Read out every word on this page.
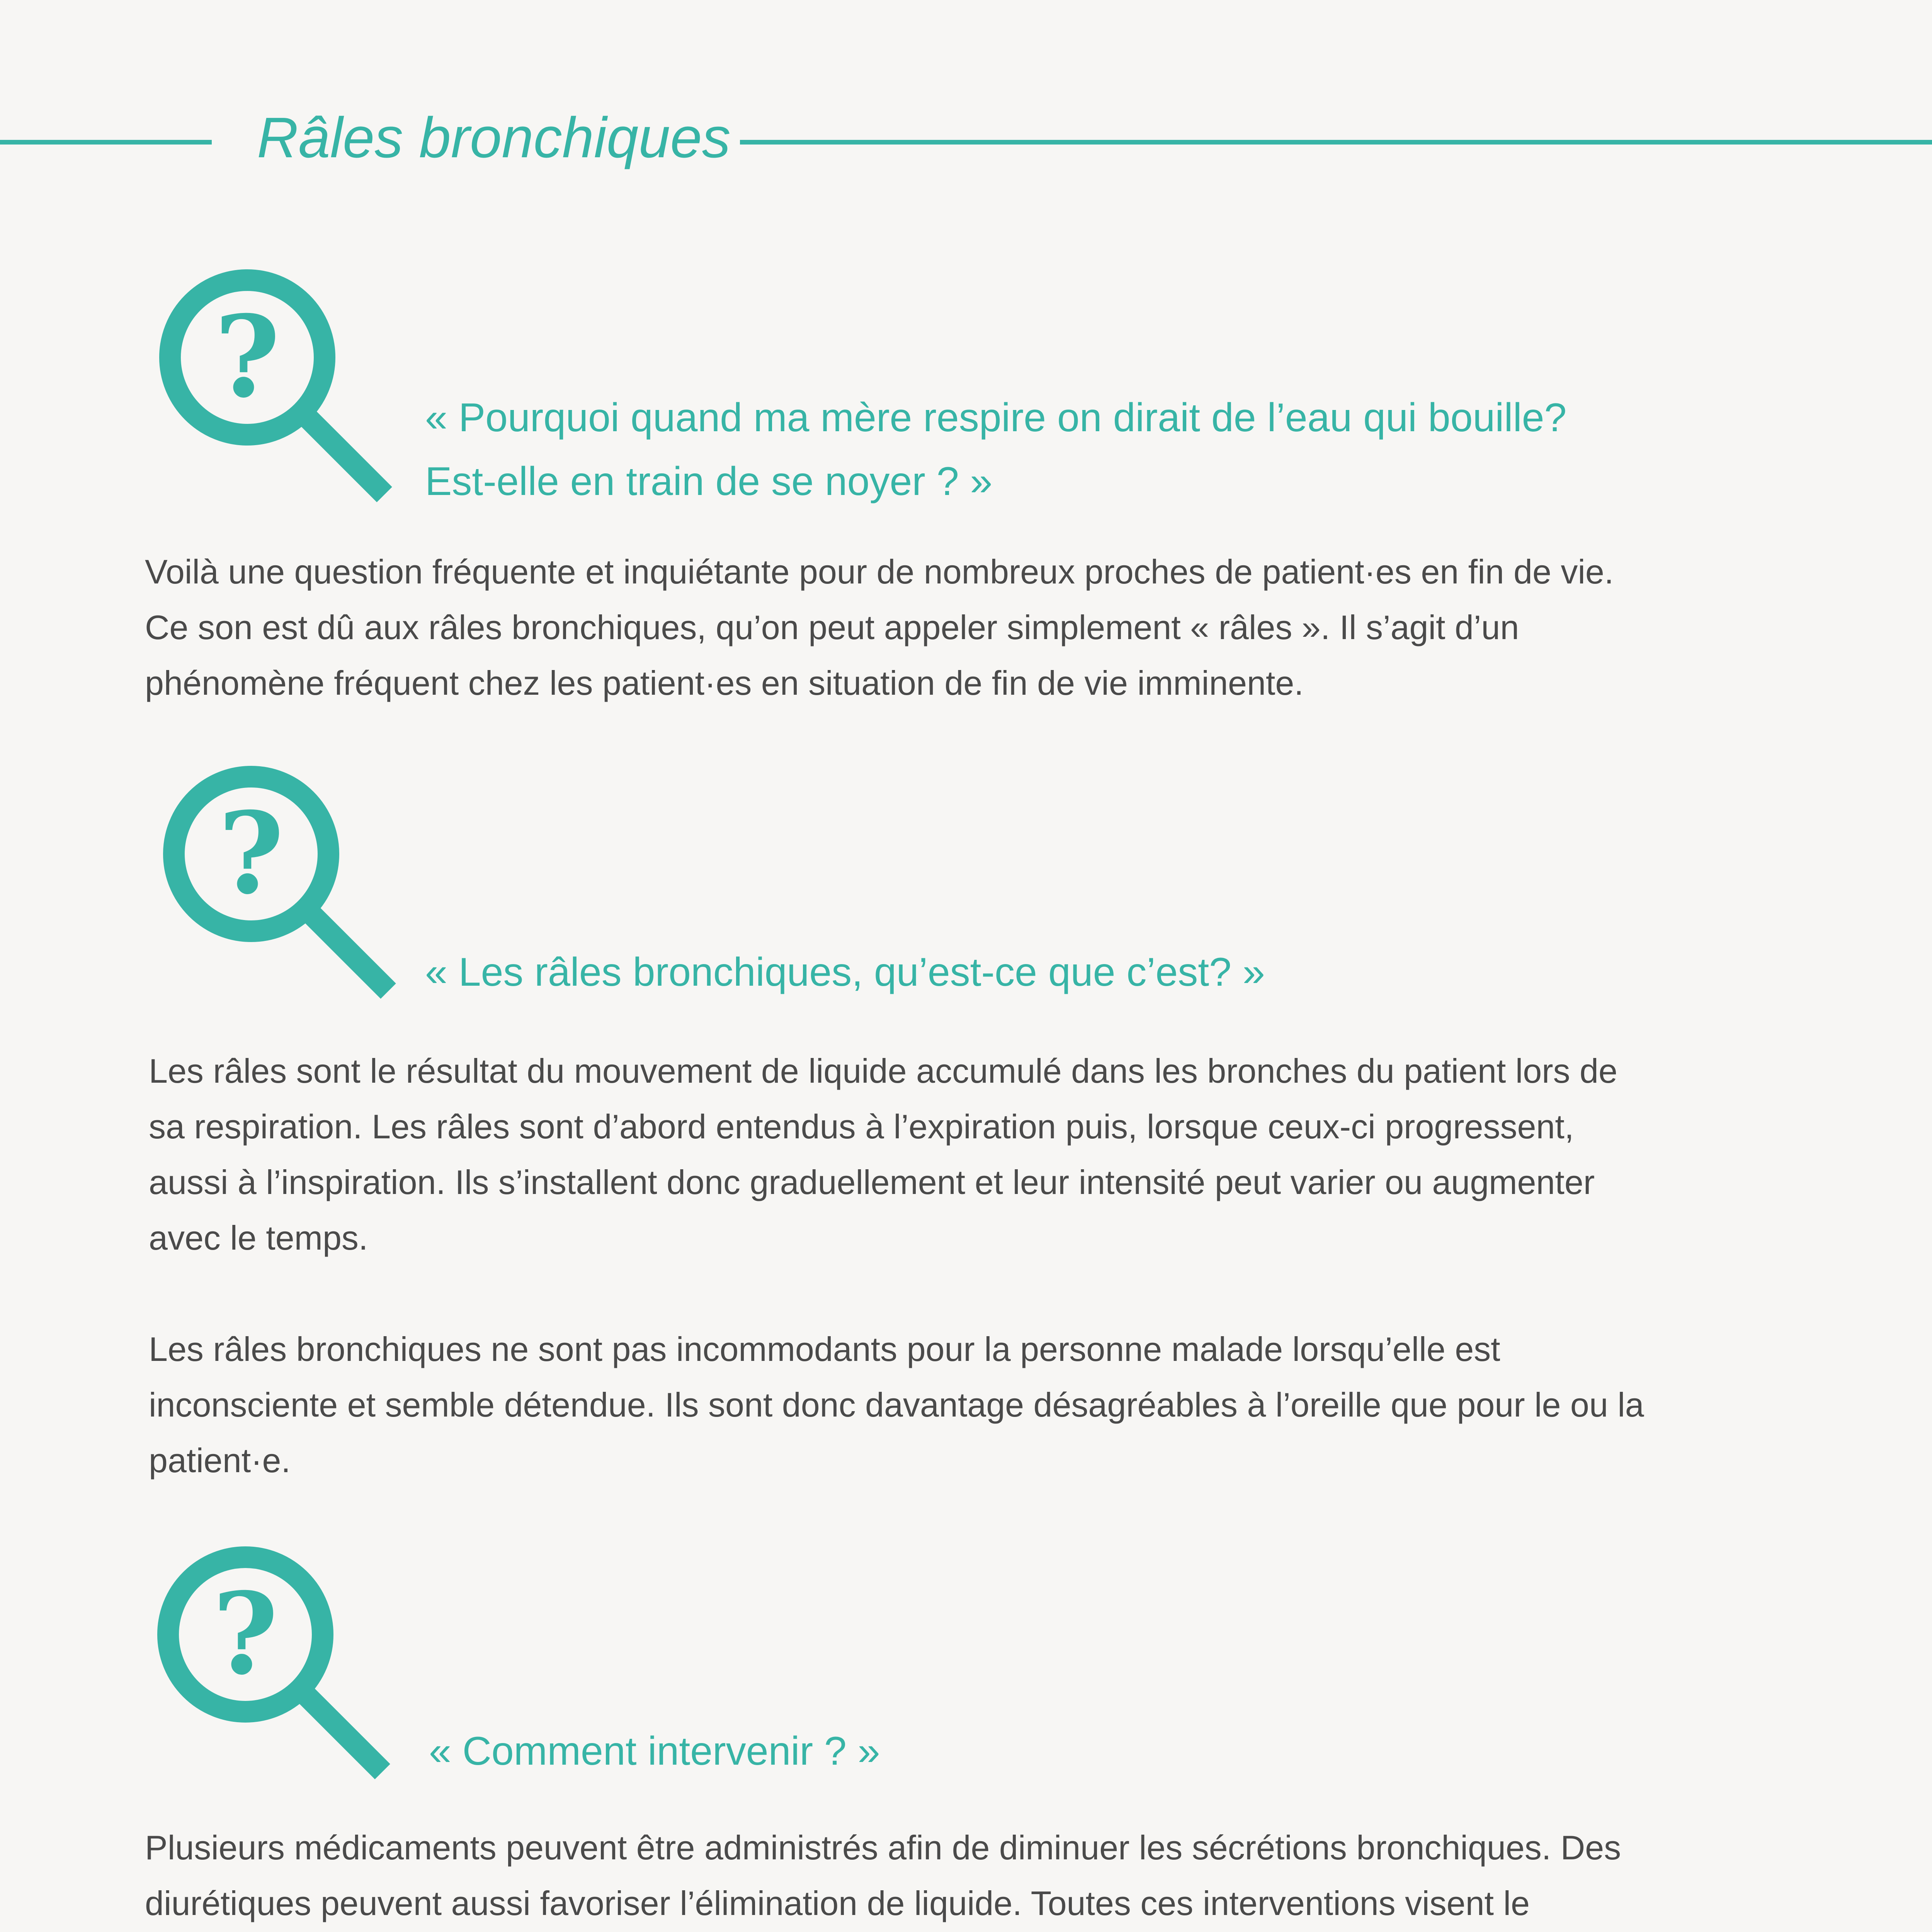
Râles bronchiques
?	« Pourquoi quand ma mère respire on dirait de l’eau qui bouille?

Est-elle en train de se noyer ? »

Voilà une question fréquente et inquiétante pour de nombreux proches de patient·es en fin de vie.

Ce son est dû aux râles bronchiques, qu’on peut appeler simplement « râles ». Il s’agit d’un

phénomène fréquent chez les patient·es en situation de fin de vie imminente.

?

« Les râles bronchiques, qu’est-ce que c’est? »

Les râles sont le résultat du mouvement de liquide accumulé dans les bronches du patient lors de

sa respiration. Les râles sont d’abord entendus à l’expiration puis, lorsque ceux-ci progressent,

aussi à l’inspiration. Ils s’installent donc graduellement et leur intensité peut varier ou augmenter

avec le temps.

Les râles bronchiques ne sont pas incommodants pour la personne malade lorsqu’elle est

inconsciente et semble détendue. Ils sont donc davantage désagréables à l’oreille que pour le ou la

patient·e.

?

« Comment intervenir ? »

Plusieurs médicaments peuvent être administrés afin de diminuer les sécrétions bronchiques. Des

diurétiques peuvent aussi favoriser l’élimination de liquide. Toutes ces interventions visent le
